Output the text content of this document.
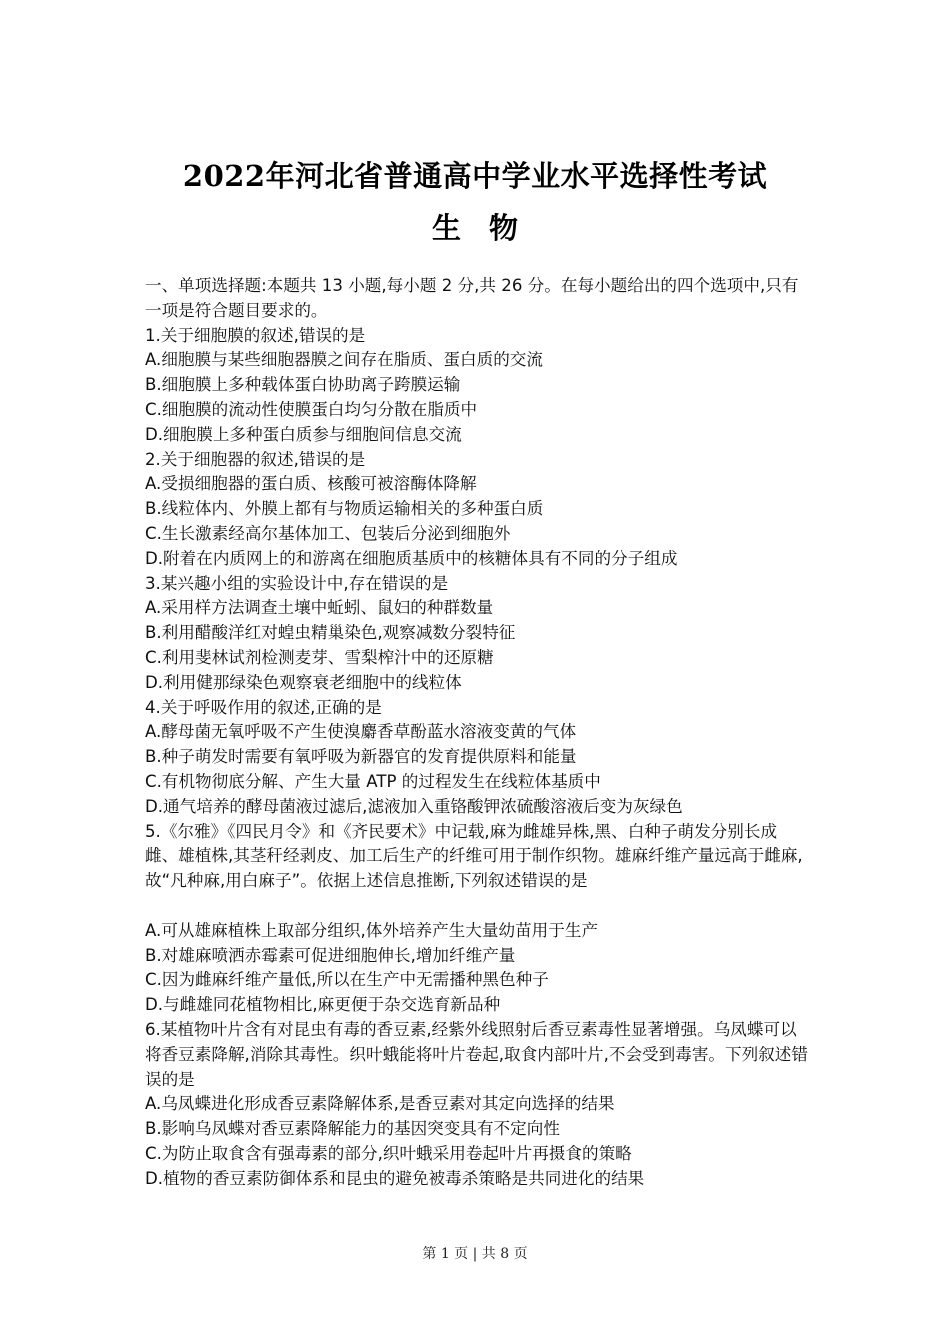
2022年河北省普通高中学业水平选择性考试
生物

一、单项选择题:本题共 13 小题,每小题 2 分,共 26 分。在每小题给出的四个选项中,只有一项是符合题目要求的。

1.关于细胞膜的叙述,错误的是

A.细胞膜与某些细胞器膜之间存在脂质、蛋白质的交流

B.细胞膜上多种载体蛋白协助离子跨膜运输

C.细胞膜的流动性使膜蛋白均匀分散在脂质中

D.细胞膜上多种蛋白质参与细胞间信息交流

2.关于细胞器的叙述,错误的是

A.受损细胞器的蛋白质、核酸可被溶酶体降解

B.线粒体内、外膜上都有与物质运输相关的多种蛋白质

C.生长激素经高尔基体加工、包装后分泌到细胞外

D.附着在内质网上的和游离在细胞质基质中的核糖体具有不同的分子组成

3.某兴趣小组的实验设计中,存在错误的是

A.采用样方法调查土壤中蚯蚓、鼠妇的种群数量

B.利用醋酸洋红对蝗虫精巢染色,观察减数分裂特征

C.利用斐林试剂检测麦芽、雪梨榨汁中的还原糖

D.利用健那绿染色观察衰老细胞中的线粒体

4.关于呼吸作用的叙述,正确的是

A.酵母菌无氧呼吸不产生使溴麝香草酚蓝水溶液变黄的气体

B.种子萌发时需要有氧呼吸为新器官的发育提供原料和能量

C.有机物彻底分解、产生大量 ATP 的过程发生在线粒体基质中

D.通气培养的酵母菌液过滤后,滤液加入重铬酸钾浓硫酸溶液后变为灰绿色

5.《尔雅》《四民月令》和《齐民要术》中记载,麻为雌雄异株,黑、白种子萌发分别长成雌、雄植株,其茎秆经剥皮、加工后生产的纤维可用于制作织物。雄麻纤维产量远高于雌麻,故“凡种麻,用白麻子”。依据上述信息推断,下列叙述错误的是

A.可从雄麻植株上取部分组织,体外培养产生大量幼苗用于生产

B.对雄麻喷洒赤霉素可促进细胞伸长,增加纤维产量

C.因为雌麻纤维产量低,所以在生产中无需播种黑色种子

D.与雌雄同花植物相比,麻更便于杂交选育新品种

6.某植物叶片含有对昆虫有毒的香豆素,经紫外线照射后香豆素毒性显著增强。乌凤蝶可以将香豆素降解,消除其毒性。织叶蛾能将叶片卷起,取食内部叶片,不会受到毒害。下列叙述错误的是

A.乌凤蝶进化形成香豆素降解体系,是香豆素对其定向选择的结果

B.影响乌凤蝶对香豆素降解能力的基因突变具有不定向性

C.为防止取食含有强毒素的部分,织叶蛾采用卷起叶片再摄食的策略

D.植物的香豆素防御体系和昆虫的避免被毒杀策略是共同进化的结果

第 1 页 | 共 8 页
